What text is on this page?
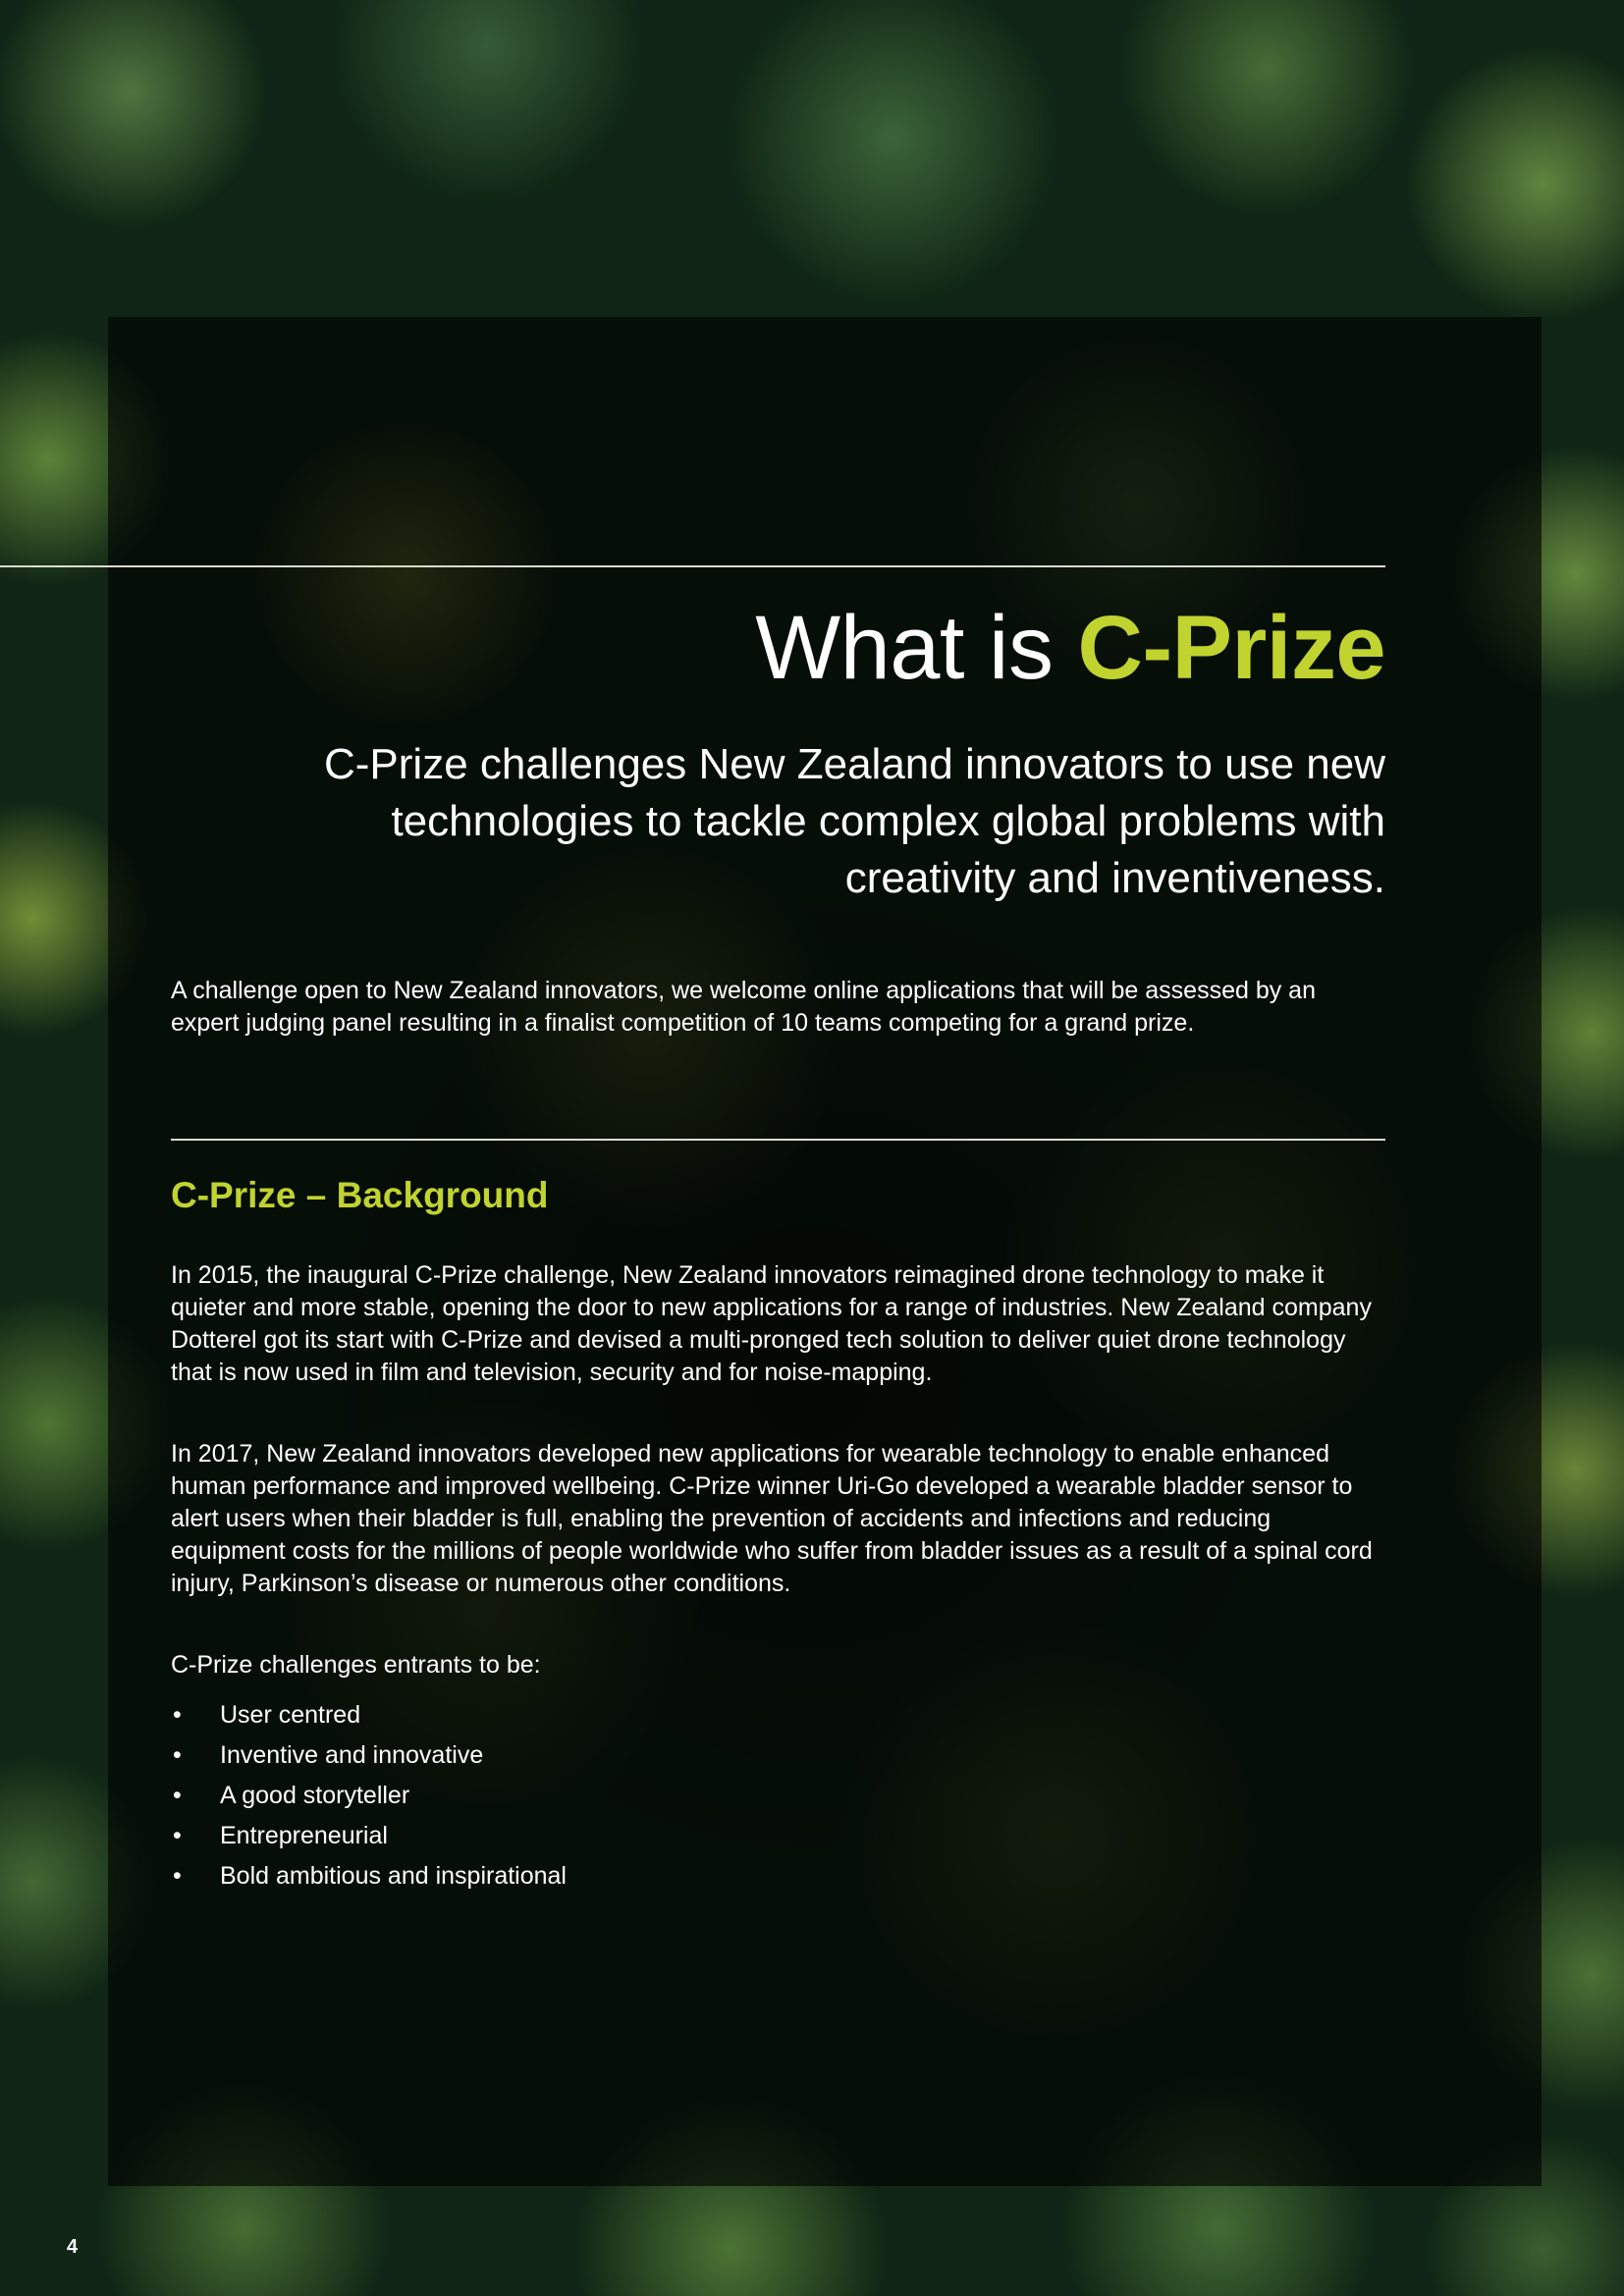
What is C-Prize

C-Prize challenges New Zealand innovators to use new technologies to tackle complex global problems with creativity and inventiveness.

A challenge open to New Zealand innovators, we welcome online applications that will be assessed by an expert judging panel resulting in a finalist competition of 10 teams competing for a grand prize.

C-Prize – Background

In 2015, the inaugural C-Prize challenge, New Zealand innovators reimagined drone technology to make it quieter and more stable, opening the door to new applications for a range of industries. New Zealand company Dotterel got its start with C-Prize and devised a multi-pronged tech solution to deliver quiet drone technology that is now used in film and television, security and for noise-mapping.

In 2017, New Zealand innovators developed new applications for wearable technology to enable enhanced human performance and improved wellbeing. C-Prize winner Uri-Go developed a wearable bladder sensor to alert users when their bladder is full, enabling the prevention of accidents and infections and reducing equipment costs for the millions of people worldwide who suffer from bladder issues as a result of a spinal cord injury, Parkinson’s disease or numerous other conditions.

C-Prize challenges entrants to be:

• User centred
• Inventive and innovative
• A good storyteller
• Entrepreneurial
• Bold ambitious and inspirational
4
